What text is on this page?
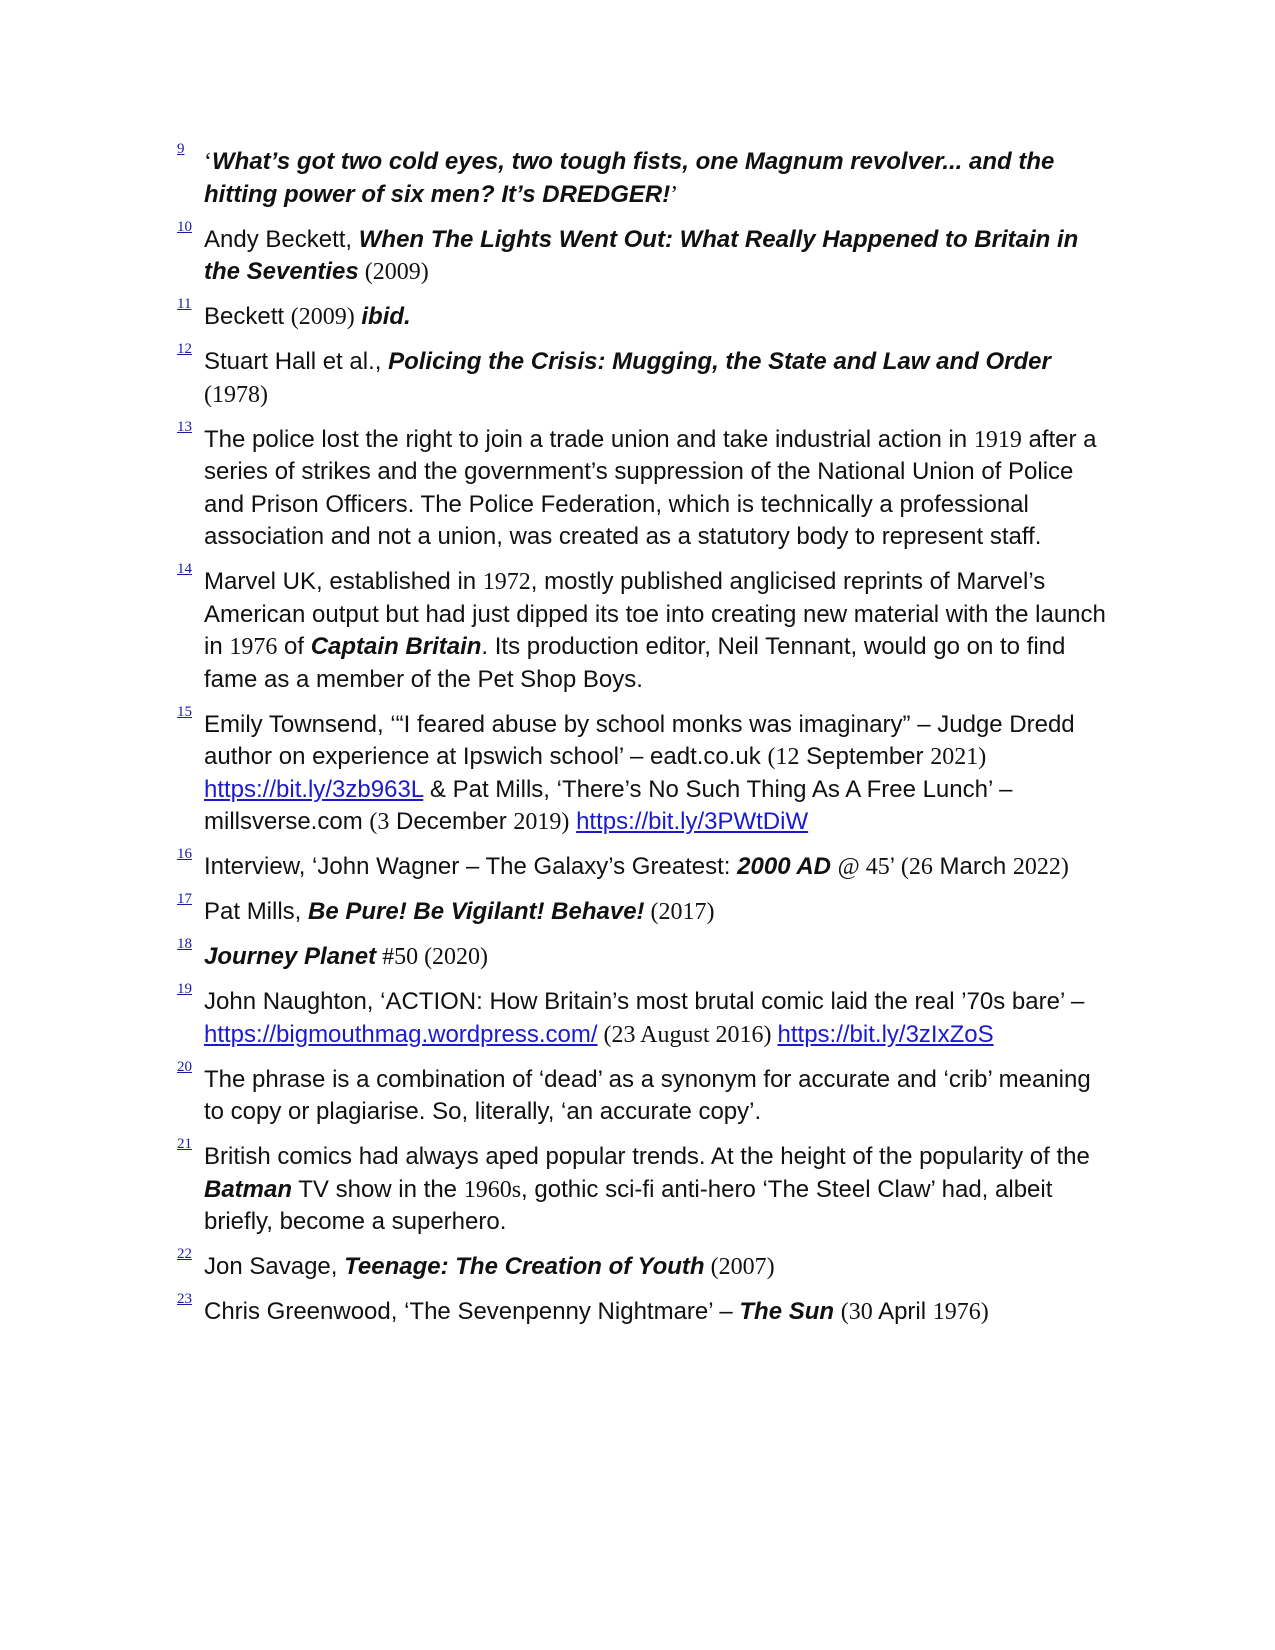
9 ‘What’s got two cold eyes, two tough fists, one Magnum revolver... and the hitting power of six men? It’s DREDGER!’
10 Andy Beckett, When The Lights Went Out: What Really Happened to Britain in the Seventies (2009)
11 Beckett (2009) ibid.
12 Stuart Hall et al., Policing the Crisis: Mugging, the State and Law and Order (1978)
13 The police lost the right to join a trade union and take industrial action in 1919 after a series of strikes and the government’s suppression of the National Union of Police and Prison Officers. The Police Federation, which is technically a professional association and not a union, was created as a statutory body to represent staff.
14 Marvel UK, established in 1972, mostly published anglicised reprints of Marvel’s American output but had just dipped its toe into creating new material with the launch in 1976 of Captain Britain. Its production editor, Neil Tennant, would go on to find fame as a member of the Pet Shop Boys.
15 Emily Townsend, ‘“I feared abuse by school monks was imaginary” – Judge Dredd author on experience at Ipswich school’ – eadt.co.uk (12 September 2021) https://bit.ly/3zb963L & Pat Mills, ‘There’s No Such Thing As A Free Lunch’ – millsverse.com (3 December 2019) https://bit.ly/3PWtDiW
16 Interview, ‘John Wagner – The Galaxy’s Greatest: 2000 AD @ 45’ (26 March 2022)
17 Pat Mills, Be Pure! Be Vigilant! Behave! (2017)
18 Journey Planet #50 (2020)
19 John Naughton, ‘ACTION: How Britain’s most brutal comic laid the real ’70s bare’ – https://bigmouthmag.wordpress.com/ (23 August 2016) https://bit.ly/3zIxZoS
20 The phrase is a combination of ‘dead’ as a synonym for accurate and ‘crib’ meaning to copy or plagiarise. So, literally, ‘an accurate copy’.
21 British comics had always aped popular trends. At the height of the popularity of the Batman TV show in the 1960s, gothic sci-fi anti-hero ‘The Steel Claw’ had, albeit briefly, become a superhero.
22 Jon Savage, Teenage: The Creation of Youth (2007)
23 Chris Greenwood, ‘The Sevenpenny Nightmare’ – The Sun (30 April 1976)
